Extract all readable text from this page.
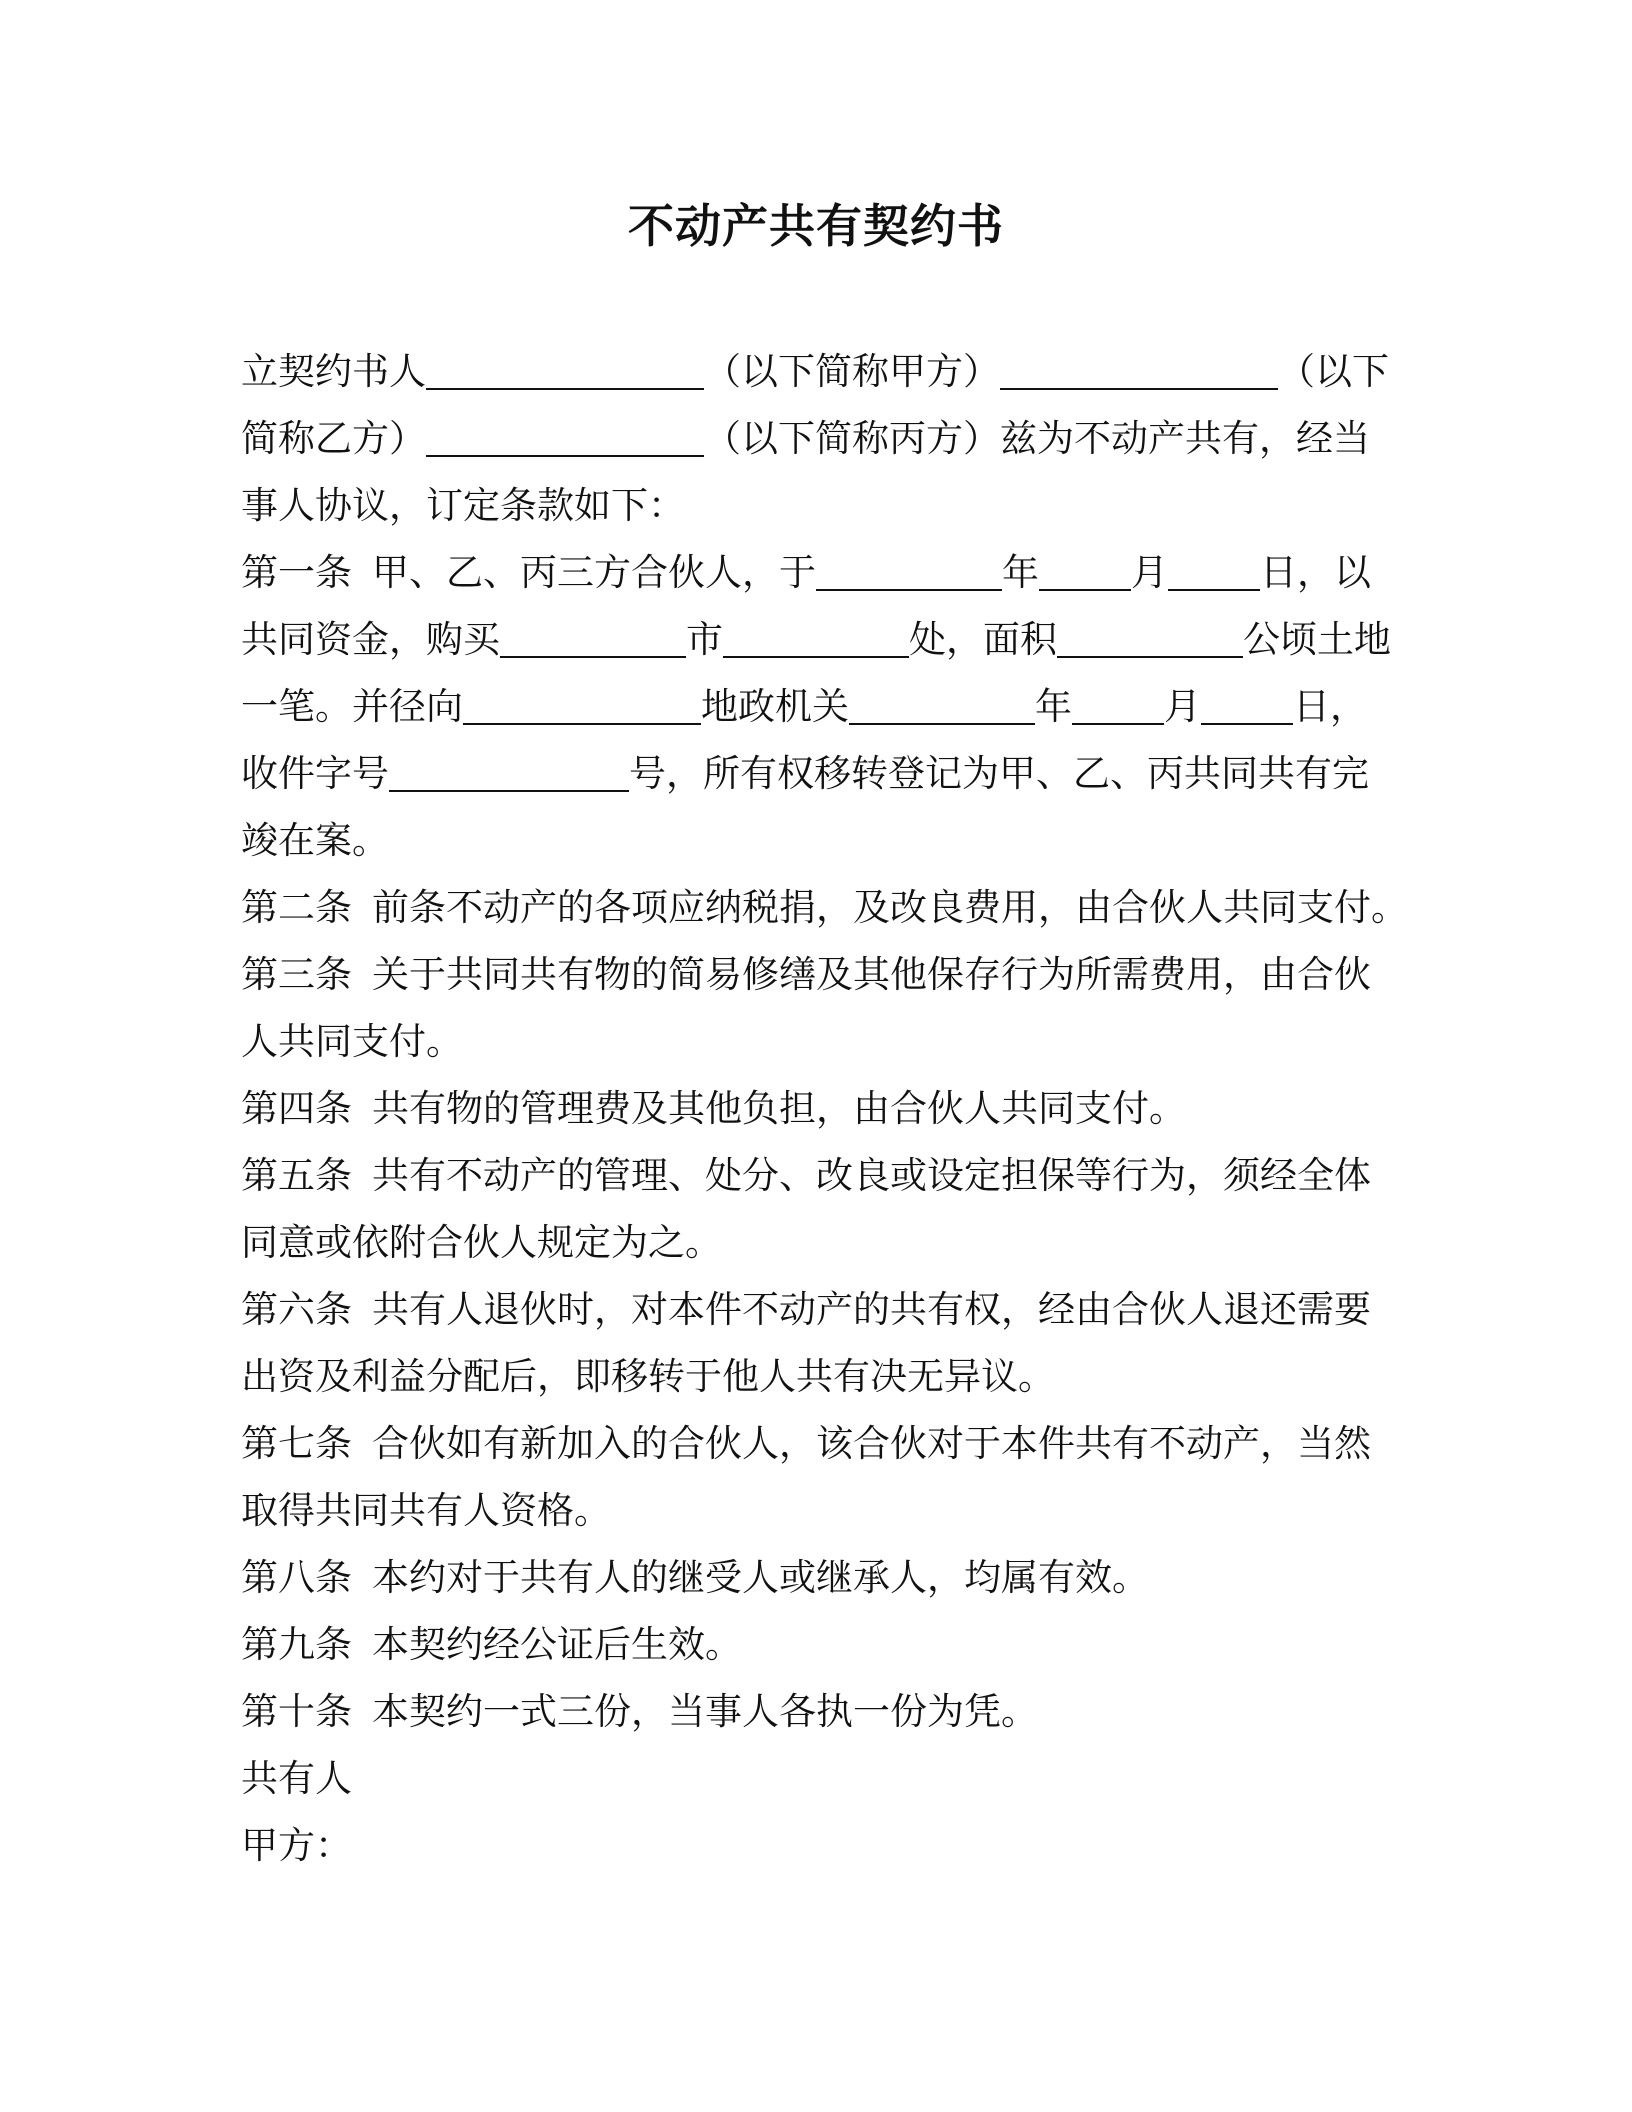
不动产共有契约书
立契约书人	（以下简称甲方）	（以下
简称乙方）	（以下简称丙方）兹为不动产共有，经当
事人协议，订定条款如下：
第一条 甲、乙、丙三方合伙人，于	年 月 日，以
共同资金，购买	市	处，面积	公顷土地
一笔。并径向	地政机关	年 月 日，
收件字号	号，所有权移转登记为甲、乙、丙共同共有完
竣在案。
第二条 前条不动产的各项应纳税捐，及改良费用，由合伙人共同支付。
第三条 关于共同共有物的简易修缮及其他保存行为所需费用，由合伙
人共同支付。
第四条 共有物的管理费及其他负担，由合伙人共同支付。
第五条 共有不动产的管理、处分、改良或设定担保等行为，须经全体
同意或依附合伙人规定为之。
第六条 共有人退伙时，对本件不动产的共有权，经由合伙人退还需要
出资及利益分配后，即移转于他人共有决无异议。
第七条 合伙如有新加入的合伙人，该合伙对于本件共有不动产，当然
取得共同共有人资格。
第八条 本约对于共有人的继受人或继承人，均属有效。
第九条 本契约经公证后生效。
第十条 本契约一式三份，当事人各执一份为凭。
共有人
甲方：
